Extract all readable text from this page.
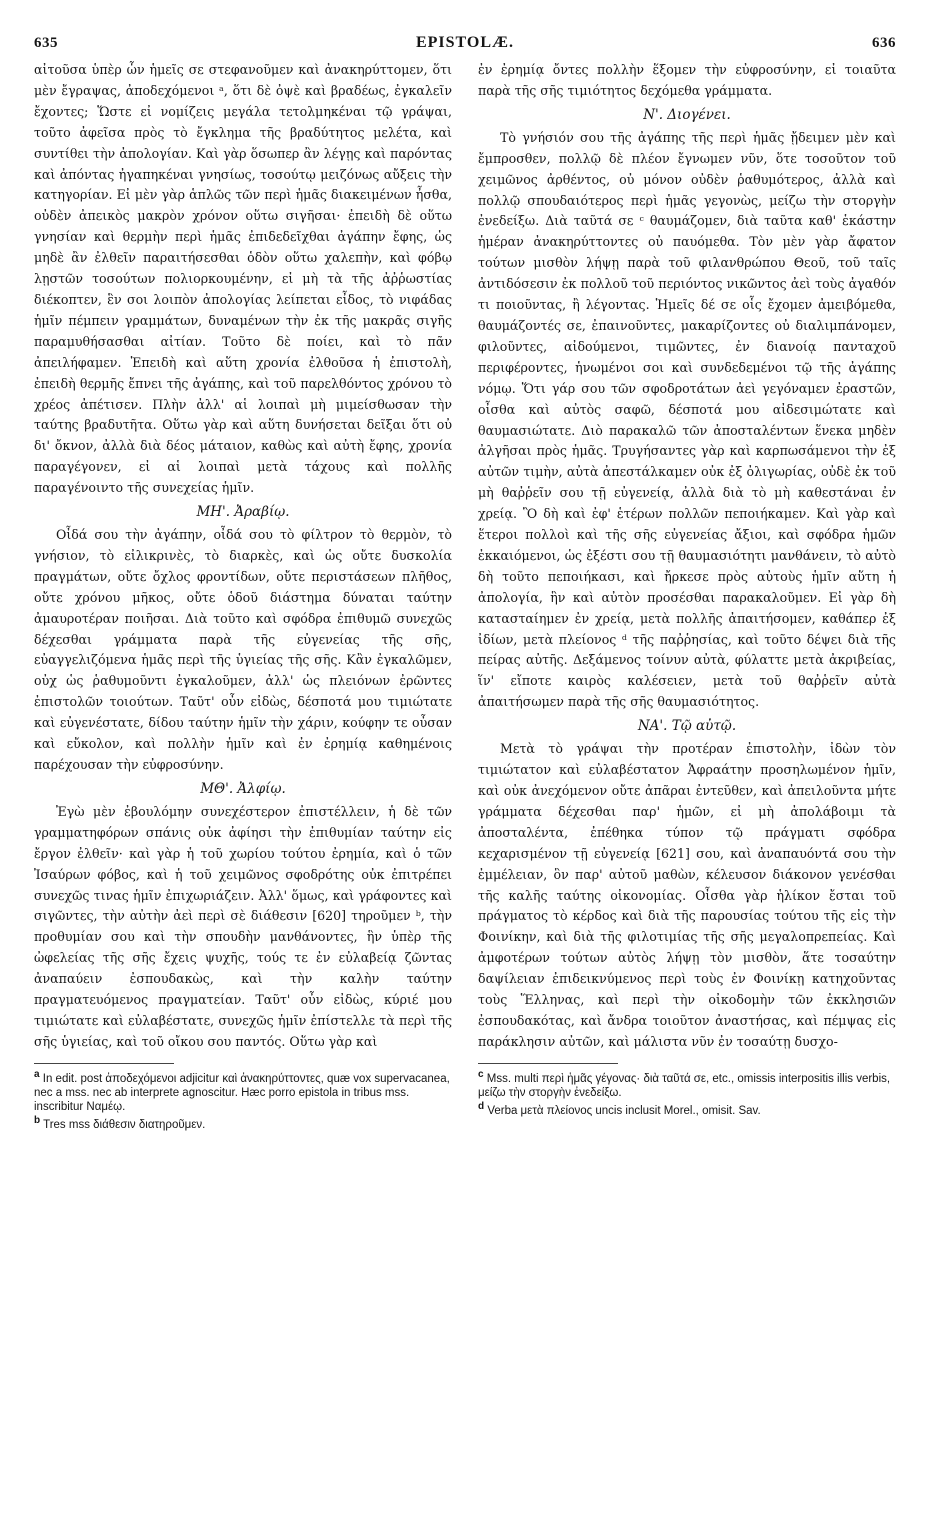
635	EPISTOLÆ.	636

αἰτοῦσα ὑπὲρ ὧν ἡμεῖς σε στεφανοῦμεν καὶ ἀνακηρύττομεν, ὅτι μὲν ἔγραψας, ἀποδεχόμενοι ᵃ, ὅτι δὲ ὀψὲ καὶ βραδέως, ἐγκαλεῖν ἔχοντες; Ὥστε εἰ νομίζεις μεγάλα τετολμηκέναι τῷ γράψαι, τοῦτο ἀφεῖσα πρὸς τὸ ἔγκλημα τῆς βραδύτητος μελέτα, καὶ συντίθει τὴν ἀπολογίαν. Καὶ γὰρ ὅσωπερ ἂν λέγῃς καὶ παρόντας καὶ ἀπόντας ἠγαπηκέναι γνησίως, τοσούτῳ μειζόνως αὔξεις τὴν κατηγορίαν. Εἰ μὲν γὰρ ἁπλῶς τῶν περὶ ἡμᾶς διακειμένων ἦσθα, οὐδὲν ἀπεικὸς μακρὸν χρόνον οὕτω σιγῆσαι· ἐπειδὴ δὲ οὕτω γνησίαν καὶ θερμὴν περὶ ἡμᾶς ἐπιδεδεῖχθαι ἀγάπην ἔφης, ὡς μηδὲ ἂν ἐλθεῖν παραιτήσεσθαι ὁδὸν οὕτω χαλεπὴν, καὶ φόβῳ λῃστῶν τοσούτων πολιορκουμένην, εἰ μὴ τὰ τῆς ἀῤῥωστίας διέκοπτεν, ἓν σοι λοιπὸν ἀπολογίας λείπεται εἶδος, τὸ νιφάδας ἡμῖν πέμπειν γραμμάτων, δυναμένων τὴν ἐκ τῆς μακρᾶς σιγῆς παραμυθήσασθαι αἰτίαν. Τοῦτο δὲ ποίει, καὶ τὸ πᾶν ἀπειλήφαμεν. Ἐπειδὴ καὶ αὕτη χρονία ἐλθοῦσα ἡ ἐπιστολὴ, ἐπειδὴ θερμῆς ἔπνει τῆς ἀγάπης, καὶ τοῦ παρελθόντος χρόνου τὸ χρέος ἀπέτισεν. Πλὴν ἀλλ' αἱ λοιπαὶ μὴ μιμείσθωσαν τὴν ταύτης βραδυτῆτα. Οὕτω γὰρ καὶ αὕτη δυνήσεται δεῖξαι ὅτι οὐ δι' ὄκνον, ἀλλὰ διὰ δέος μάταιον, καθὼς καὶ αὐτὴ ἔφης, χρονία παραγέγονεν, εἰ αἱ λοιπαὶ μετὰ τάχους καὶ πολλῆς παραγένοιντο τῆς συνεχείας ἡμῖν.

ΜΗ'. Ἀραβίῳ.

Οἶδά σου τὴν ἀγάπην, οἶδά σου τὸ φίλτρον τὸ θερμὸν, τὸ γνήσιον, τὸ εἰλικρινὲς, τὸ διαρκὲς, καὶ ὡς οὔτε δυσκολία πραγμάτων, οὔτε ὄχλος φροντίδων, οὔτε περιστάσεων πλῆθος, οὔτε χρόνου μῆκος, οὔτε ὁδοῦ διάστημα δύναται ταύτην ἀμαυροτέραν ποιῆσαι. Διὰ τοῦτο καὶ σφόδρα ἐπιθυμῶ συνεχῶς δέχεσθαι γράμματα παρὰ τῆς εὐγενείας τῆς σῆς, εὐαγγελιζόμενα ἡμᾶς περὶ τῆς ὑγιείας τῆς σῆς. Κἂν ἐγκαλῶμεν, οὐχ ὡς ῥαθυμοῦντι ἐγκαλοῦμεν, ἀλλ' ὡς πλειόνων ἐρῶντες ἐπιστολῶν τοιούτων. Ταῦτ' οὖν εἰδὼς, δέσποτά μου τιμιώτατε καὶ εὐγενέστατε, δίδου ταύτην ἡμῖν τὴν χάριν, κούφην τε οὖσαν καὶ εὔκολον, καὶ πολλὴν ἡμῖν καὶ ἐν ἐρημίᾳ καθημένοις παρέχουσαν τὴν εὐφροσύνην.

ΜΘ'. Ἀλφίῳ.

Ἐγὼ μὲν ἐβουλόμην συνεχέστερον ἐπιστέλλειν, ἡ δὲ τῶν γραμματηφόρων σπάνις οὐκ ἀφίησι τὴν ἐπιθυμίαν ταύτην εἰς ἔργον ἐλθεῖν· καὶ γὰρ ἡ τοῦ χωρίου τούτου ἐρημία, καὶ ὁ τῶν Ἰσαύρων φόβος, καὶ ἡ τοῦ χειμῶνος σφοδρότης οὐκ ἐπιτρέπει συνεχῶς τινας ἡμῖν ἐπιχωριάζειν. Ἀλλ' ὅμως, καὶ γράφοντες καὶ σιγῶντες, τὴν αὐτὴν ἀεὶ περὶ σὲ διάθεσιν [620] τηροῦμεν ᵇ, τὴν προθυμίαν σου καὶ τὴν σπουδὴν μανθάνοντες, ἣν ὑπὲρ τῆς ὠφελείας τῆς σῆς ἔχεις ψυχῆς, τούς τε ἐν εὐλαβείᾳ ζῶντας ἀναπαύειν ἐσπουδακὼς, καὶ τὴν καλὴν ταύτην πραγματευόμενος πραγματείαν. Ταῦτ' οὖν εἰδὼς, κύριέ μου τιμιώτατε καὶ εὐλαβέστατε, συνεχῶς ἡμῖν ἐπίστελλε τὰ περὶ τῆς σῆς ὑγιείας, καὶ τοῦ οἴκου σου παντός. Οὕτω γὰρ καὶ

a In edit. post ἀποδεχόμενοι adjicitur καὶ ἀνακηρύττοντες, quæ vox supervacanea, nec a mss. nec ab interprete agnoscitur. Hæc porro epistola in tribus mss. inscribitur Ναμέῳ.

b Tres mss διάθεσιν διατηροῦμεν.

ἐν ἐρημίᾳ ὄντες πολλὴν ἕξομεν τὴν εὐφροσύνην, εἰ τοιαῦτα παρὰ τῆς σῆς τιμιότητος δεχόμεθα γράμματα.

Ν'. Διογένει.

Τὸ γνήσιόν σου τῆς ἀγάπης τῆς περὶ ἡμᾶς ᾔδειμεν μὲν καὶ ἔμπροσθεν, πολλῷ δὲ πλέον ἔγνωμεν νῦν, ὅτε τοσοῦτον τοῦ χειμῶνος ἀρθέντος, οὐ μόνον οὐδὲν ῥαθυμότερος, ἀλλὰ καὶ πολλῷ σπουδαιότερος περὶ ἡμᾶς γεγονὼς, μείζω τὴν στοργὴν ἐνεδείξω. Διὰ ταῦτά σε ᶜ θαυμάζομεν, διὰ ταῦτα καθ' ἑκάστην ἡμέραν ἀνακηρύττοντες οὐ παυόμεθα. Τὸν μὲν γὰρ ἄφατον τούτων μισθὸν λήψῃ παρὰ τοῦ φιλανθρώπου Θεοῦ, τοῦ ταῖς ἀντιδόσεσιν ἐκ πολλοῦ τοῦ περιόντος νικῶντος ἀεὶ τοὺς ἀγαθόν τι ποιοῦντας, ἢ λέγοντας. Ἡμεῖς δέ σε οἷς ἔχομεν ἀμειβόμεθα, θαυμάζοντές σε, ἐπαινοῦντες, μακαρίζοντες οὐ διαλιμπάνομεν, φιλοῦντες, αἰδούμενοι, τιμῶντες, ἐν διανοίᾳ πανταχοῦ περιφέροντες, ἡνωμένοι σοι καὶ συνδεδεμένοι τῷ τῆς ἀγάπης νόμῳ. Ὅτι γάρ σου τῶν σφοδροτάτων ἀεὶ γεγόναμεν ἐραστῶν, οἶσθα καὶ αὐτὸς σαφῶ, δέσποτά μου αἰδεσιμώτατε καὶ θαυμασιώτατε. Διὸ παρακαλῶ τῶν ἀποσταλέντων ἕνεκα μηδὲν ἀλγῆσαι πρὸς ἡμᾶς. Τρυγήσαντες γὰρ καὶ καρπωσάμενοι τὴν ἐξ αὐτῶν τιμὴν, αὐτὰ ἀπεστάλκαμεν οὐκ ἐξ ὀλιγωρίας, οὐδὲ ἐκ τοῦ μὴ θαῤῥεῖν σου τῇ εὐγενείᾳ, ἀλλὰ διὰ τὸ μὴ καθεστάναι ἐν χρείᾳ. Ὃ δὴ καὶ ἐφ' ἑτέρων πολλῶν πεποιήκαμεν. Καὶ γὰρ καὶ ἕτεροι πολλοὶ καὶ τῆς σῆς εὐγενείας ἄξιοι, καὶ σφόδρα ἡμῶν ἐκκαιόμενοι, ὡς ἐξέστι σου τῇ θαυμασιότητι μανθάνειν, τὸ αὐτὸ δὴ τοῦτο πεποιήκασι, καὶ ἤρκεσε πρὸς αὐτοὺς ἡμῖν αὕτη ἡ ἀπολογία, ἣν καὶ αὐτὸν προσέσθαι παρακαλοῦμεν. Εἰ γὰρ δὴ κατασταίημεν ἐν χρείᾳ, μετὰ πολλῆς ἀπαιτήσομεν, καθάπερ ἐξ ἰδίων, μετὰ πλείονος ᵈ τῆς παῤῥησίας, καὶ τοῦτο δέψει διὰ τῆς πείρας αὐτῆς. Δεξάμενος τοίνυν αὐτὰ, φύλαττε μετὰ ἀκριβείας, ἵν' εἴποτε καιρὸς καλέσειεν, μετὰ τοῦ θαῤῥεῖν αὐτὰ ἀπαιτήσωμεν παρὰ τῆς σῆς θαυμασιότητος.

ΝΑ'. Τῷ αὐτῷ.

Μετὰ τὸ γράψαι τὴν προτέραν ἐπιστολὴν, ἰδὼν τὸν τιμιώτατον καὶ εὐλαβέστατον Ἀφραάτην προσηλωμένον ἡμῖν, καὶ οὐκ ἀνεχόμενον οὔτε ἀπᾶραι ἐντεῦθεν, καὶ ἀπειλοῦντα μήτε γράμματα δέχεσθαι παρ' ἡμῶν, εἰ μὴ ἀπολάβοιμι τὰ ἀποσταλέντα, ἐπέθηκα τύπον τῷ πράγματι σφόδρα κεχαρισμένον τῇ εὐγενείᾳ [621] σου, καὶ ἀναπαυόντά σου τὴν ἐμμέλειαν, ὃν παρ' αὐτοῦ μαθὼν, κέλευσον διάκονον γενέσθαι τῆς καλῆς ταύτης οἰκονομίας. Οἶσθα γὰρ ἡλίκον ἔσται τοῦ πράγματος τὸ κέρδος καὶ διὰ τῆς παρουσίας τούτου τῆς εἰς τὴν Φοινίκην, καὶ διὰ τῆς φιλοτιμίας τῆς σῆς μεγαλοπρεπείας. Καὶ ἀμφοτέρων τούτων αὐτὸς λήψῃ τὸν μισθὸν, ἅτε τοσαύτην δαψίλειαν ἐπιδεικνύμενος περὶ τοὺς ἐν Φοινίκῃ κατηχοῦντας τοὺς Ἕλληνας, καὶ περὶ τὴν οἰκοδομὴν τῶν ἐκκλησιῶν ἐσπουδακότας, καὶ ἄνδρα τοιοῦτον ἀναστήσας, καὶ πέμψας εἰς παράκλησιν αὐτῶν, καὶ μάλιστα νῦν ἐν τοσαύτῃ δυσχο-

c Mss. multi περὶ ἡμᾶς γέγονας· διὰ ταῦτά σε, etc., omissis interpositis illis verbis, μείζω τὴν στοργὴν ἐνεδείξω.

d Verba μετὰ πλείονος uncis inclusit Morel., omisit. Sav.
